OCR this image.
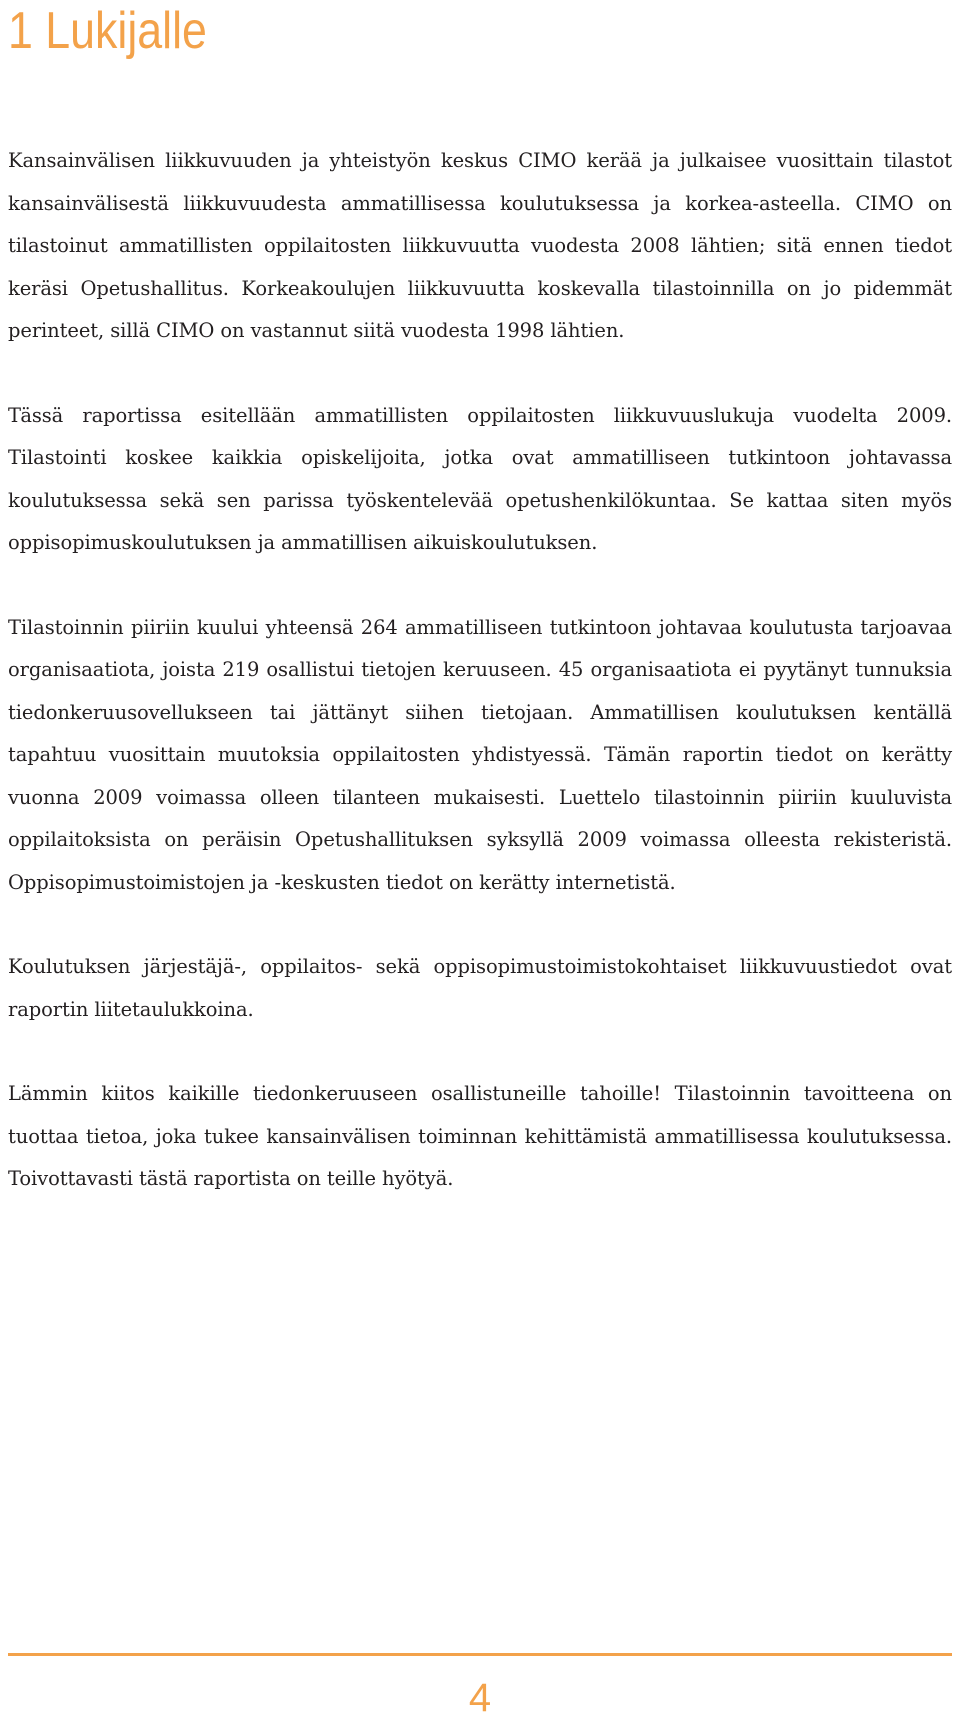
1 Lukijalle

Kansainvälisen liikkuvuuden ja yhteistyön keskus CIMO kerää ja julkaisee vuosittain tilastot kansainvälisestä liikkuvuudesta ammatillisessa koulutuksessa ja korkea-asteella. CIMO on tilastoinut ammatillisten oppilaitosten liikkuvuutta vuodesta 2008 lähtien; sitä ennen tiedot keräsi Opetushallitus. Korkeakoulujen liikkuvuutta koskevalla tilastoinnilla on jo pidemmät perinteet, sillä CIMO on vastannut siitä vuodesta 1998 lähtien.

Tässä raportissa esitellään ammatillisten oppilaitosten liikkuvuuslukuja vuodelta 2009. Tilastointi koskee kaikkia opiskelijoita, jotka ovat ammatilliseen tutkintoon johtavassa koulutuksessa sekä sen parissa työskentelevää opetushenkilökuntaa. Se kattaa siten myös oppisopimuskoulutuksen ja ammatillisen aikuiskoulutuksen.

Tilastoinnin piiriin kuului yhteensä 264 ammatilliseen tutkintoon johtavaa koulutusta tarjoavaa organisaatiota, joista 219 osallistui tietojen keruuseen. 45 organisaatiota ei pyytänyt tunnuksia tiedonkeruusovellukseen tai jättänyt siihen tietojaan. Ammatillisen koulutuksen kentällä tapahtuu vuosittain muutoksia oppilaitosten yhdistyessä. Tämän raportin tiedot on kerätty vuonna 2009 voimassa olleen tilanteen mukaisesti. Luettelo tilastoinnin piiriin kuuluvista oppilaitoksista on peräisin Opetushallituksen syksyllä 2009 voimassa olleesta rekisteristä. Oppisopimustoimistojen ja -keskusten tiedot on kerätty internetistä.

Koulutuksen järjestäjä-, oppilaitos- sekä oppisopimustoimistokohtaiset liikkuvuustiedot ovat raportin liitetaulukkoina.

Lämmin kiitos kaikille tiedonkeruuseen osallistuneille tahoille! Tilastoinnin tavoitteena on tuottaa tietoa, joka tukee kansainvälisen toiminnan kehittämistä ammatillisessa koulutuksessa. Toivottavasti tästä raportista on teille hyötyä.

4
